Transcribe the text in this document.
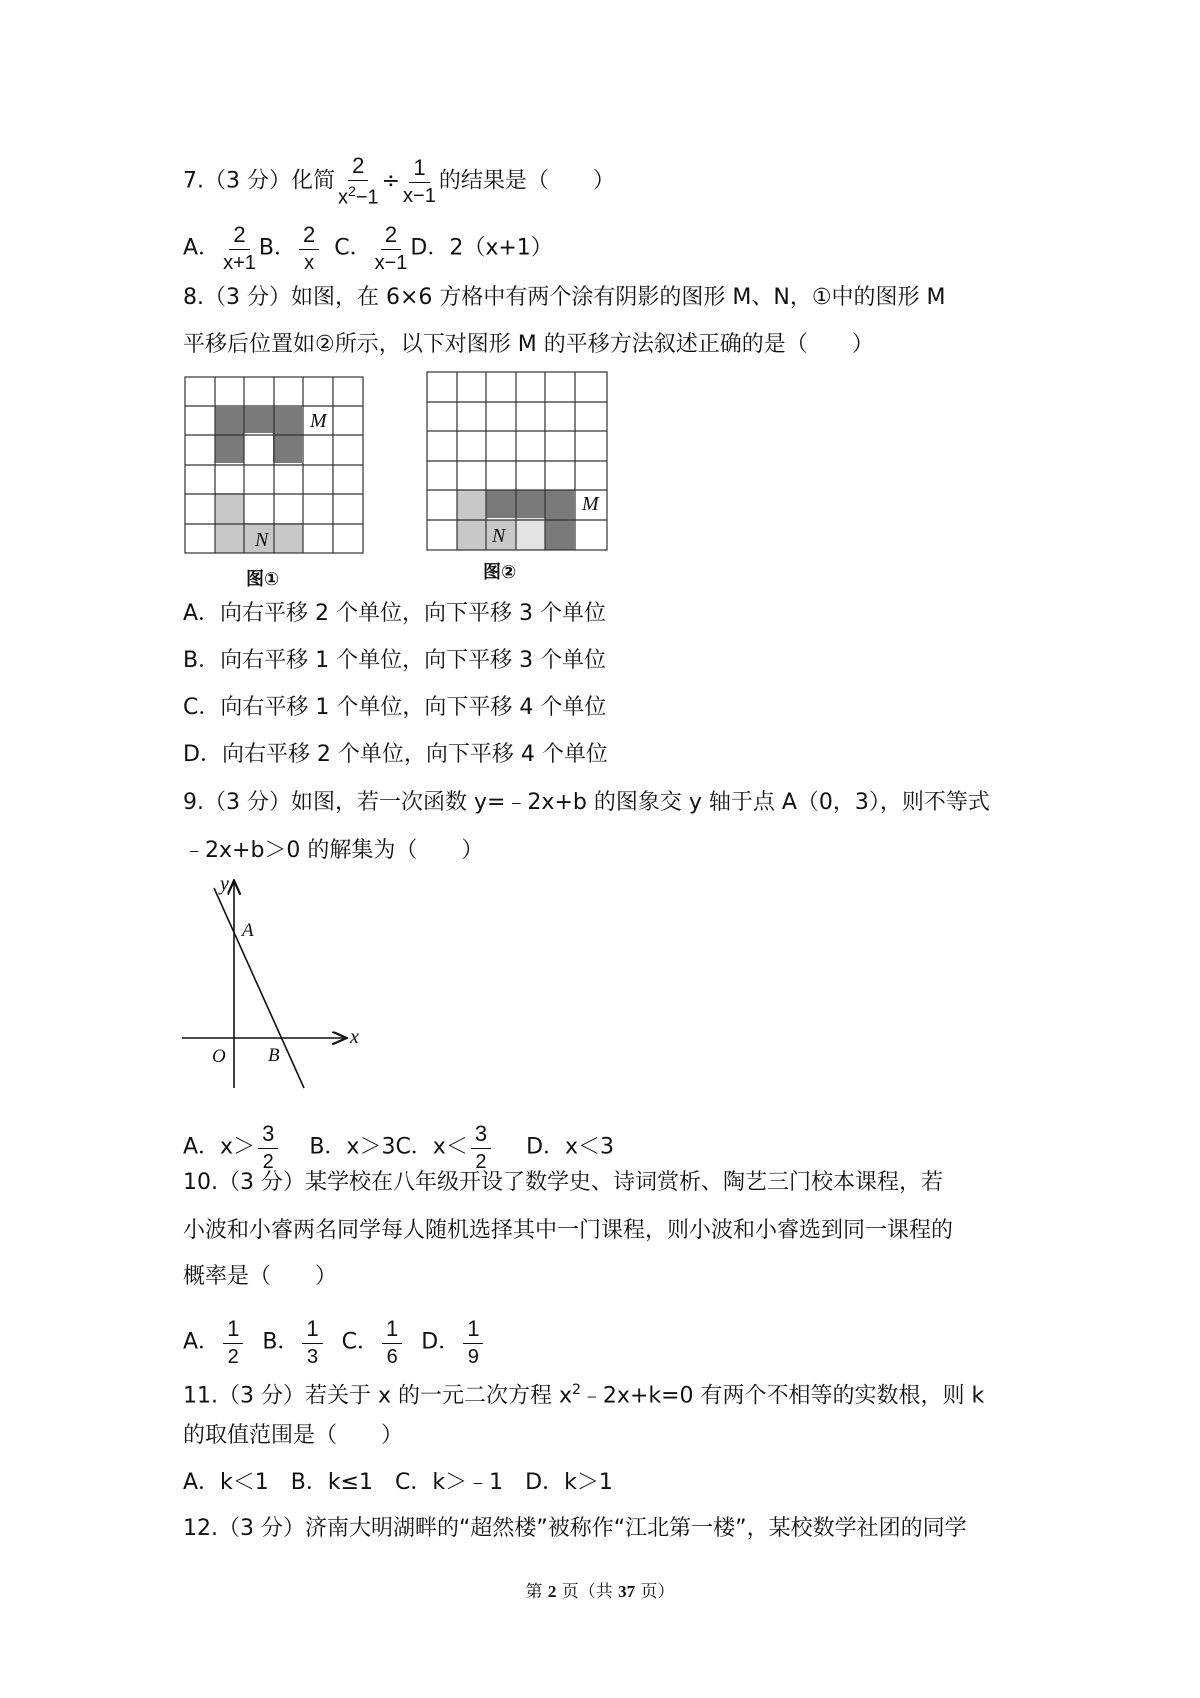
7.（3 分）化简 $\frac{2}{x^2-1} \div \frac{1}{x-1}$ 的结果是（　　）
A． $\frac{2}{x+1}$ B． $\frac{2}{x}$ C． $\frac{2}{x-1}$ D．2（x+1）
8.（3 分）如图，在 6×6 方格中有两个涂有阴影的图形 M、N，①中的图形 M
平移后位置如②所示，以下对图形 M 的平移方法叙述正确的是（　　）
M
N
图①
M
N
图②
A．向右平移 2 个单位，向下平移 3 个单位
B．向右平移 1 个单位，向下平移 3 个单位
C．向右平移 1 个单位，向下平移 4 个单位
D．向右平移 2 个单位，向下平移 4 个单位
9.（3 分）如图，若一次函数 y=﹣2x+b 的图象交 y 轴于点 A（0，3），则不等式
﹣2x+b＞0 的解集为（　　）
y
x
O
A
B
A．$x> \frac{3}{2}$ B．x＞3C．$x< \frac{3}{2}$ D．x＜3
10.（3 分）某学校在八年级开设了数学史、诗词赏析、陶艺三门校本课程，若
小波和小睿两名同学每人随机选择其中一门课程，则小波和小睿选到同一课程的
概率是（　　）
A． $\frac{1}{2}$ B． $\frac{1}{3}$ C． $\frac{1}{6}$ D． $\frac{1}{9}$
11.（3 分）若关于 x 的一元二次方程 $x^2﹣2x+k=0$ 有两个不相等的实数根，则 k
的取值范围是（　　）
A．k＜1　B．k≤1　C．k＞﹣1　D．k＞1
12.（3 分）济南大明湖畔的“超然楼”被称作“江北第一楼”，某校数学社团的同学
第 2 页（共 37 页）
